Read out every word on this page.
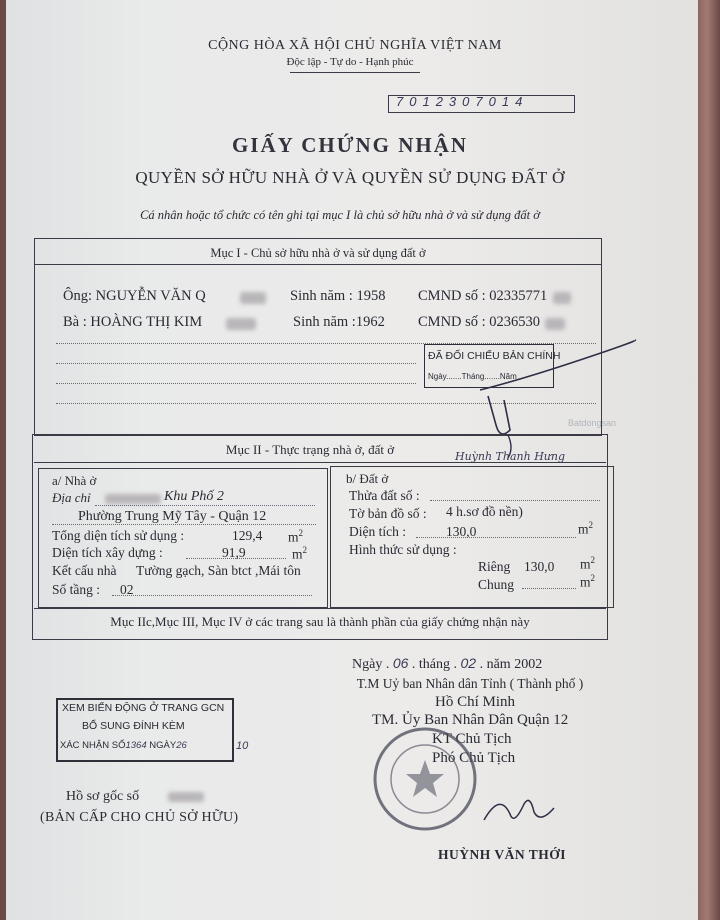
CỘNG HÒA XÃ HỘI CHỦ NGHĨA VIỆT NAM
Độc lập - Tự do - Hạnh phúc
7012307014
GIẤY CHỨNG NHẬN
QUYỀN SỞ HỮU NHÀ Ở VÀ QUYỀN SỬ DỤNG ĐẤT Ở
Cá nhân hoặc tổ chức có tên ghi tại mục I là chủ sở hữu nhà ở và sử dụng đất ở
Mục I - Chủ sở hữu nhà ở và sử dụng đất ở
Ông: NGUYỄN VĂN Q	Sinh năm : 1958 CMND số : 02335771
Bà : HOÀNG THỊ KIM	Sinh năm :1962 CMND số : 0236530
ĐÃ ĐỐI CHIẾU BẢN CHÍNH
Ngày.......Tháng.......Năm
Mục II - Thực trạng nhà ở, đất ở	Huỳnh Thanh Hưng
a/ Nhà ở
Địa chỉ	Khu Phố 2
Phường Trung Mỹ Tây - Quận 12
Tổng diện tích sử dụng :	129,4 $m^2$
Diện tích xây dựng :	91,9	$m^2$
Kết cấu nhà Tường gạch, Sàn btct ,Mái tôn
Số tầng : 02
b/ Đất ở
Thửa đất số :
Tờ bản đồ số : 4 h.sơ đồ nền)
Diện tích :	130,0	$m^2$
Hình thức sử dụng :
Riêng 130,0 $m^2$
Chung	$m^2$
Mục IIc,Mục III, Mục IV ở các trang sau là thành phần của giấy chứng nhận này
Batdongsan
Ngày . 06 . tháng . 02 . năm 2002
T.M Uỷ ban Nhân dân Tỉnh ( Thành phố )
Hồ Chí Minh
TM. Ủy Ban Nhân Dân Quận 12
KT Chủ Tịch
Phó Chủ Tịch
HUỲNH VĂN THỚI
XEM BIẾN ĐỘNG Ở TRANG GCN
BỔ SUNG ĐÍNH KÈM
XÁC NHẬN SỐ1364 NGÀY26	10
Hồ sơ gốc số
(BẢN CẤP CHO CHỦ SỞ HỮU)
